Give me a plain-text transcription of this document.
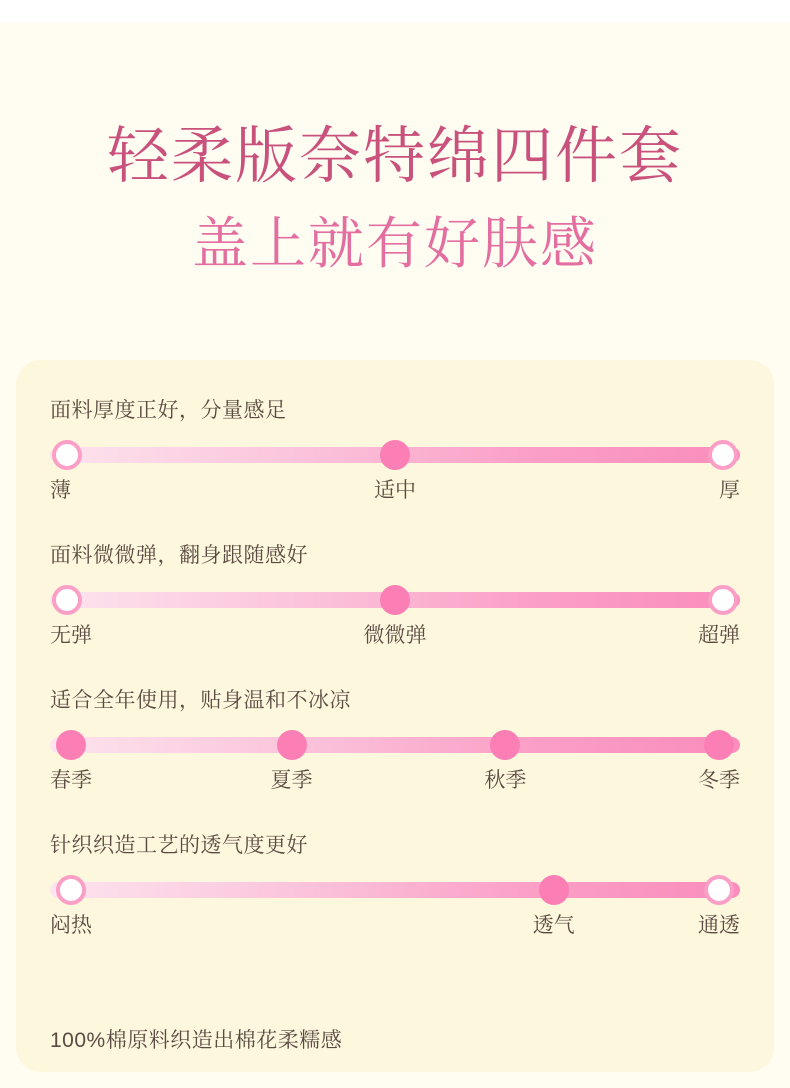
轻柔版奈特绵四件套
盖上就有好肤感
面料厚度正好，分量感足
薄	适中	厚
面料微微弹，翻身跟随感好
无弹	微微弹	超弹
适合全年使用，贴身温和不冰凉
春季	夏季	秋季	冬季
针织织造工艺的透气度更好
闷热	透气	通透
100%棉原料织造出棉花柔糯感
